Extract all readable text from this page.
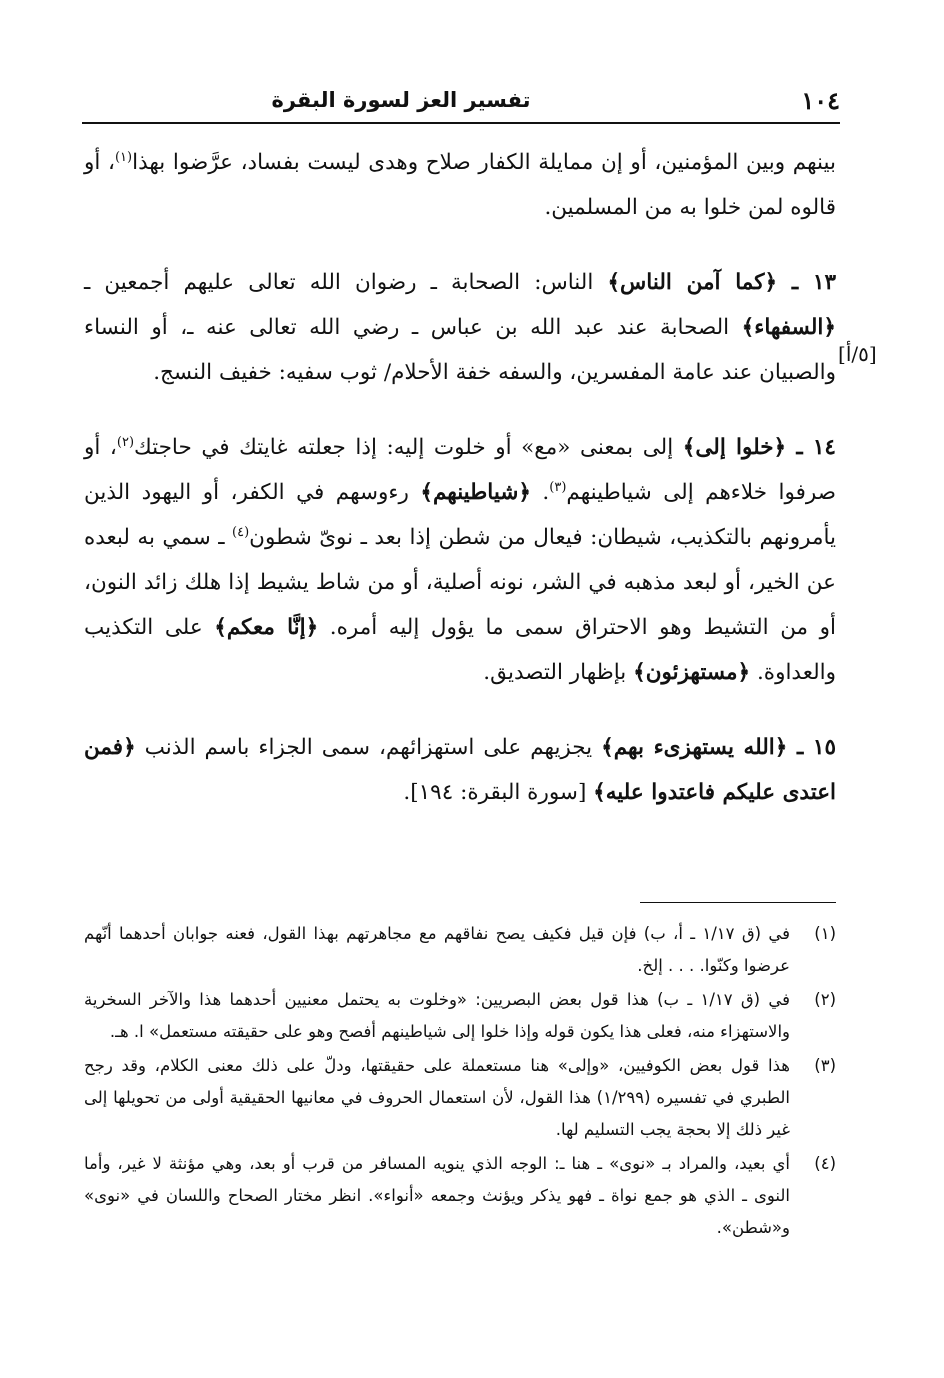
١٠٤
تفسير العز لسورة البقرة
[٥/أ]

بينهم وبين المؤمنين، أو إن ممايلة الكفار صلاح وهدى ليست بفساد، عرَّضوا بهذا$^{(١)}$، أو قالوه لمن خلوا به من المسلمين.

١٣ ـ ﴿كما آمن الناس﴾ الناس: الصحابة ـ رضوان الله تعالى عليهم أجمعين ـ ﴿السفهاء﴾ الصحابة عند عبد الله بن عباس ـ رضي الله تعالى عنه ـ، أو النساء والصبيان عند عامة المفسرين، والسفه خفة الأحلام/ ثوب سفيه: خفيف النسج.

١٤ ـ ﴿خلوا إلى﴾ إلى بمعنى «مع» أو خلوت إليه: إذا جعلته غايتك في حاجتك$^{(٢)}$، أو صرفوا خلاءهم إلى شياطينهم$^{(٣)}$. ﴿شياطينهم﴾ رءوسهم في الكفر، أو اليهود الذين يأمرونهم بالتكذيب، شيطان: فيعال من شطن إذا بعد ـ نوىّ شطون$^{(٤)}$ ـ سمي به لبعده عن الخير، أو لبعد مذهبه في الشر، نونه أصلية، أو من شاط يشيط إذا هلك زائد النون، أو من التشيط وهو الاحتراق سمى ما يؤول إليه أمره. ﴿إنَّا معكم﴾ على التكذيب والعداوة. ﴿مستهزئون﴾ بإظهار التصديق.

١٥ ـ ﴿الله يستهزىء بهم﴾ يجزيهم على استهزائهم، سمى الجزاء باسم الذنب ﴿فمن اعتدى عليكم فاعتدوا عليه﴾ [سورة البقرة: ١٩٤].

(١)
في (ق ١/١٧ ـ أ، ب) فإن قيل فكيف يصح نفاقهم مع مجاهرتهم بهذا القول، فعنه جوابان أحدهما أنّهم عرضوا وكنّوا. . . . إلخ.
(٢)
في (ق ١/١٧ ـ ب) هذا قول بعض البصريين: «وخلوت به يحتمل معنيين أحدهما هذا والآخر السخرية والاستهزاء منه، فعلى هذا يكون قوله وإذا خلوا إلى شياطينهم أفصح وهو على حقيقته مستعمل» ا. هـ.
(٣)
هذا قول بعض الكوفيين، «وإلى» هنا مستعملة على حقيقتها، ودلّ على ذلك معنى الكلام، وقد رجح الطبري في تفسيره (١/٢٩٩) هذا القول، لأن استعمال الحروف في معانيها الحقيقية أولى من تحويلها إلى غير ذلك إلا بحجة يجب التسليم لها.
(٤)
أي بعيد، والمراد بـ «نوى» ـ هنا ـ: الوجه الذي ينويه المسافر من قرب أو بعد، وهي مؤنثة لا غير، وأما النوى ـ الذي هو جمع نواة ـ فهو يذكر ويؤنث وجمعه «أنواء». انظر مختار الصحاح واللسان في «نوى» و«شطن».
